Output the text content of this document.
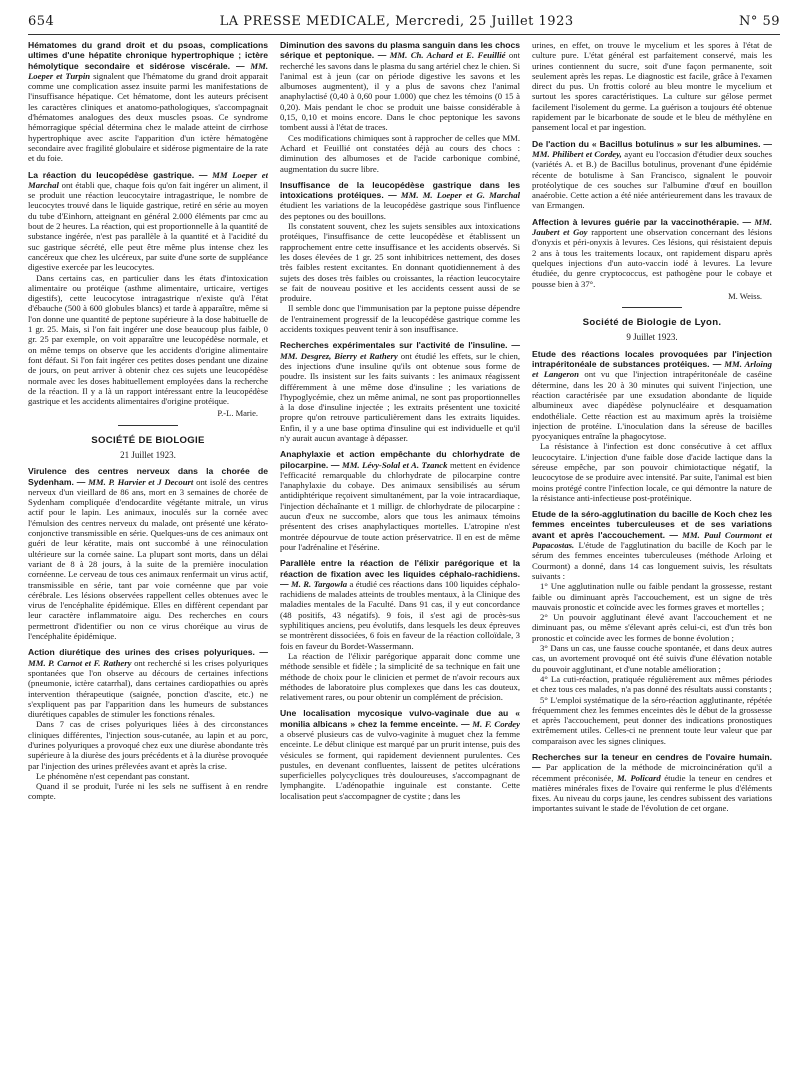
654	LA PRESSE MEDICALE, Mercredi, 25 Juillet 1923	N° 59

Hématomes du grand droit et du psoas, complications ultimes d'une hépatite chronique hypertrophique ; ictère hémolytique secondaire et sidérose viscérale. — MM. Loeper et Turpin signalent que l'hématome du grand droit apparait comme une complication assez insuite parmi les manifestations de l'insuffisance hépatique. Cet hématome, dont les auteurs précisent les caractères cliniques et anatomo-pathologiques, s'accompagnait d'hématomes analogues des deux muscles psoas. Ce syndrome hémorragique spécial détermina chez le malade atteint de cirrhose hypertrophique avec ascite l'apparition d'un ictère hématogène secondaire avec fragilité globulaire et sidérose pigmentaire de la rate et du foie.

La réaction du leucopédèse gastrique. — MM Loeper et Marchal ont établi que, chaque fois qu'on fait ingérer un aliment, il se produit une réaction leucocytaire intragastrique, le nombre de leucocytes trouvé dans le liquide gastrique, retiré en série au moyen du tube d'Einhorn, atteignant en général 2.000 éléments par cmc au bout de 2 heures. La réaction, qui est proportionnelle à la quantité de substance ingérée, n'est pas parallèle à la quantité et à l'acidité du suc gastrique sécrété, elle peut être même plus intense chez les cancéreux que chez les ulcéreux, par suite d'une sorte de suppléance digestive exercée par les leucocytes.

Dans certains cas, en particulier dans les états d'intoxication alimentaire ou protéique (asthme alimentaire, urticaire, vertiges digestifs), cette leucocytose intragastrique n'existe qu'à l'état d'ébauche (500 à 600 globules blancs) et tarde à apparaître, même si l'on donne une quantité de peptone supérieure à la dose habituelle de 1 gr. 25. Mais, si l'on fait ingérer une dose beaucoup plus faible, 0 gr. 25 par exemple, on voit apparaître une leucopédèse normale, et on même temps on observe que les accidents d'origine alimentaire font défaut. Si l'on fait ingérer ces petites doses pendant une dizaine de jours, on peut arriver à obtenir chez ces sujets une leucopédèse normale avec les doses habituellement employées dans la recherche de la réaction. Il y a là un rapport intéressant entre la leucopédèse gastrique et les accidents alimentaires d'origine protéique.

P.-L. Marie.
SOCIÉTÉ DE BIOLOGIE
21 Juillet 1923.

Virulence des centres nerveux dans la chorée de Sydenham. — MM. P. Harvier et J Decourt ont isolé des centres nerveux d'un vieillard de 86 ans, mort en 3 semaines de chorée de Sydenham compliquée d'endocardite végétante mitrale, un virus actif pour le lapin. Les animaux, inoculés sur la cornée avec l'émulsion des centres nerveux du malade, ont présenté une kérato-conjonctive transmissible en série. Quelques-uns de ces animaux ont guéri de leur kératite, mais ont succombé à une réinoculation ultérieure sur la cornée saine. La plupart sont morts, dans un délai variant de 8 à 28 jours, à la suite de la première inoculation cornéenne. Le cerveau de tous ces animaux renfermait un virus actif, transmissible en série, tant par voie cornéenne que par voie cérébrale. Les lésions observées rappellent celles obtenues avec le virus de l'encéphalite épidémique. Elles en diffèrent cependant par leur caractère inflammatoire aigu. Des recherches en cours permettront d'identifier ou non ce virus choréique au virus de l'encéphalite épidémique.

Action diurétique des urines des crises polyuriques. — MM. P. Carnot et F. Rathery ont recherché si les crises polyuriques spontanées que l'on observe au décours de certaines infections (pneumonie, ictère catarrhal), dans certaines cardiopathies ou après intervention thérapeutique (saignée, ponction d'ascite, etc.) ne s'expliquent pas par l'apparition dans les humeurs de substances diurétiques capables de stimuler les fonctions rénales.

Dans 7 cas de crises polyuriques liées à des circonstances cliniques différentes, l'injection sous-cutanée, au lapin et au porc, d'urines polyuriques a provoqué chez eux une diurèse abondante très supérieure à la diurèse des jours précédents et à la diurèse provoquée par l'injection des urines prélevées avant et après la crise.

Le phénomène n'est cependant pas constant.

Quand il se produit, l'urée ni les sels ne suffisent à en rendre compte.

Diminution des savons du plasma sanguin dans les chocs sérique et peptonique. — MM. Ch. Achard et E. Feuillié ont recherché les savons dans le plasma du sang artériel chez le chien. Si l'animal est à jeun (car on période digestive les savons et les albumoses augmentent), il y a plus de savons chez l'animal anaphylactisé (0,40 à 0,60 pour 1.000) que chez les témoins (0 15 à 0,20). Mais pendant le choc se produit une baisse considérable à 0,15, 0,10 et moins encore. Dans le choc peptonique les savons tombent aussi à l'état de traces.

Ces modifications chimiques sont à rapprocher de celles que MM. Achard et Feuillié ont constatées déjà au cours des chocs : diminution des albumoses et de l'acide carbonique combiné, augmentation du sucre libre.

Insuffisance de la leucopédèse gastrique dans les intoxications protéiques. — MM. M. Loeper et G. Marchal étudient les variations de la leucopédèse gastrique sous l'influence des peptones ou des bouillons.

Ils constatent souvent, chez les sujets sensibles aux intoxications protéiques, l'insuffisance de cette leucopédèse et établissent un rapprochement entre cette insuffisance et les accidents observés. Si les doses élevées de 1 gr. 25 sont inhibitrices nettement, des doses très faibles restent excitantes. En donnant quotidiennement à des sujets des doses très faibles ou croissantes, la réaction leucocytaire se fait de nouveau positive et les accidents cessent aussi de se produire.

Il semble donc que l'immunisation par la peptone puisse dépendre de l'entrainement progressif de la leucopédèse gastrique comme les accidents toxiques peuvent tenir à son insuffisance.

Recherches expérimentales sur l'activité de l'insuline. — MM. Desgrez, Bierry et Rathery ont étudié les effets, sur le chien, des injections d'une insuline qu'ils ont obtenue sous forme de poudre. Ils insistent sur les faits suivants : les animaux réagissent différemment à une même dose d'insuline ; les variations de l'hypoglycémie, chez un même animal, ne sont pas proportionnelles à la dose d'insuline injectée ; les extraits présentent une toxicité propre qu'on retrouve particulièrement dans les extraits liquides. Enfin, il y a une base optima d'insuline qui est individuelle et qu'il n'y aurait aucun avantage à dépasser.

Anaphylaxie et action empêchante du chlorhydrate de pilocarpine. — MM. Lévy-Solal et A. Tzanck mettent en évidence l'efficacité remarquable du chlorhydrate de pilocarpine contre l'anaphylaxie du cobaye. Des animaux sensibilisés au sérum antidiphtérique reçoivent simultanément, par la voie intracardiaque, l'injection déchaînante et 1 milligr. de chlorhydrate de pilocarpine : aucun d'eux ne succombe, alors que tous les animaux témoins présentent des crises anaphylactiques mortelles. L'atropine n'est montrée dépourvue de toute action préservatrice. Il en est de même pour l'adrénaline et l'ésérine.

Parallèle entre la réaction de l'élixir parégorique et la réaction de fixation avec les liquides céphalo-rachidiens. — M. R. Targowla a étudié ces réactions dans 100 liquides céphalo-rachidiens de malades atteints de troubles mentaux, à la Clinique des maladies mentales de la Faculté. Dans 91 cas, il y eut concordance (48 positifs, 43 négatifs). 9 fois, il s'est agi de procès-sus syphilitiques anciens, peu évolutifs, dans lesquels les deux épreuves se montrèrent dissociées, 6 fois en faveur de la réaction colloïdale, 3 fois en faveur du Bordet-Wassermann.

La réaction de l'élixir parégorique apparait donc comme une méthode sensible et fidèle ; la simplicité de sa technique en fait une méthode de choix pour le clinicien et permet de n'avoir recours aux méthodes de laboratoire plus complexes que dans les cas douteux, relativement rares, ou pour obtenir un complément de précision.

Une localisation mycosique vulvo-vaginale due au « monilia albicans » chez la femme enceinte. — M. F. Cordey a observé plusieurs cas de vulvo-vaginite à muguet chez la femme enceinte. Le début clinique est marqué par un prurit intense, puis des vésicules se forment, qui rapidement deviennent purulentes. Ces pustules, en devenant confluentes, laissent de petites ulcérations superficielles polycycliques très douloureuses, s'accompagnant de lymphangite. L'adénopathie inguinale est constante. Cette localisation peut s'accompagner de cystite ; dans les

urines, en effet, on trouve le mycelium et les spores à l'état de culture pure. L'état général est parfaitement conservé, mais les urines contiennent du sucre, soit d'une façon permanente, soit seulement après les repas. Le diagnostic est facile, grâce à l'examen direct du pus. Un frottis coloré au bleu montre le mycelium et surtout les spores caractéristiques. La culture sur gélose permet facilement l'isolement du germe. La guérison a toujours été obtenue rapidement par le bicarbonate de soude et le bleu de méthylène en pansement local et par ingestion.

De l'action du « Bacillus botulinus » sur les albumines. — MM. Philibert et Cordey, ayant eu l'occasion d'étudier deux souches (variétés A. et B.) de Bacillus botulinus, provenant d'une épidémie récente de botulisme à San Francisco, signalent le pouvoir protéolytique de ces souches sur l'albumine d'œuf en bouillon anaérobie. Cette action a été niée antérieurement dans les travaux de van Ermangen.

Affection à levures guérie par la vaccinothérapie. — MM. Jaubert et Goy rapportent une observation concernant des lésions d'onyxis et péri-onyxis à levures. Ces lésions, qui résistaient depuis 2 ans à tous les traitements locaux, ont rapidement disparu après quelques injections d'un auto-vaccin iodé à levures. La levure étudiée, du genre cryptococcus, est pathogène pour le cobaye et pousse bien à 37°.

M. Weiss.
Société de Biologie de Lyon.
9 Juillet 1923.

Etude des réactions locales provoquées par l'injection intrapéritonéale de substances protéiques. — MM. Arloing et Langeron ont vu que l'injection intrapéritonéale de caséine détermine, dans les 20 à 30 minutes qui suivent l'injection, une réaction caractérisée par une exsudation abondante de liquide albumineux avec diapédèse polynucléaire et desquamation endothéliale. Cette réaction est au maximum après la troisième injection de protéine. L'inoculation dans la séreuse de bacilles pyocyaniques entraîne la phagocytose.

La résistance à l'infection est donc consécutive à cet afflux leucocytaire. L'injection d'une faible dose d'acide lactique dans la séreuse empêche, par son pouvoir chimiotactique négatif, la leucocytose de se produire avec intensité. Par suite, l'animal est bien moins protégé contre l'infection locale, ce qui démontre la nature de la résistance anti-infectieuse post-protéinique.

Etude de la séro-agglutination du bacille de Koch chez les femmes enceintes tuberculeuses et de ses variations avant et après l'accouchement. — MM. Paul Courmont et Papacostas. L'étude de l'agglutination du bacille de Koch par le sérum des femmes enceintes tuberculeuses (méthode Arloing et Courmont) a donné, dans 14 cas longuement suivis, les résultats suivants :

1° Une agglutination nulle ou faible pendant la grossesse, restant faible ou diminuant après l'accouchement, est un signe de très mauvais pronostic et coïncide avec les formes graves et mortelles ;

2° Un pouvoir agglutinant élevé avant l'accouchement et ne diminuant pas, ou même s'élevant après celui-ci, est d'un très bon pronostic et coïncide avec les formes de bonne évolution ;

3° Dans un cas, une fausse couche spontanée, et dans deux autres cas, un avortement provoqué ont été suivis d'une élévation notable du pouvoir agglutinant, et d'une notable amélioration ;

4° La cuti-réaction, pratiquée régulièrement aux mêmes périodes et chez tous ces malades, n'a pas donné des résultats aussi constants ;

5° L'emploi systématique de la séro-réaction agglutinante, répétée fréquemment chez les femmes enceintes dès le début de la grossesse et après l'accouchement, peut donner des indications pronostiques extrêmement utiles. Celles-ci ne prennent toute leur valeur que par comparaison avec les signes cliniques.

Recherches sur la teneur en cendres de l'ovaire humain. — Par application de la méthode de microincinération qu'il a récemment préconisée, M. Policard étudie la teneur en cendres et matières minérales fixes de l'ovaire qui renferme le plus d'éléments fixes. Au niveau du corps jaune, les cendres subissent des variations importantes suivant le stade de l'évolution de cet organe.
